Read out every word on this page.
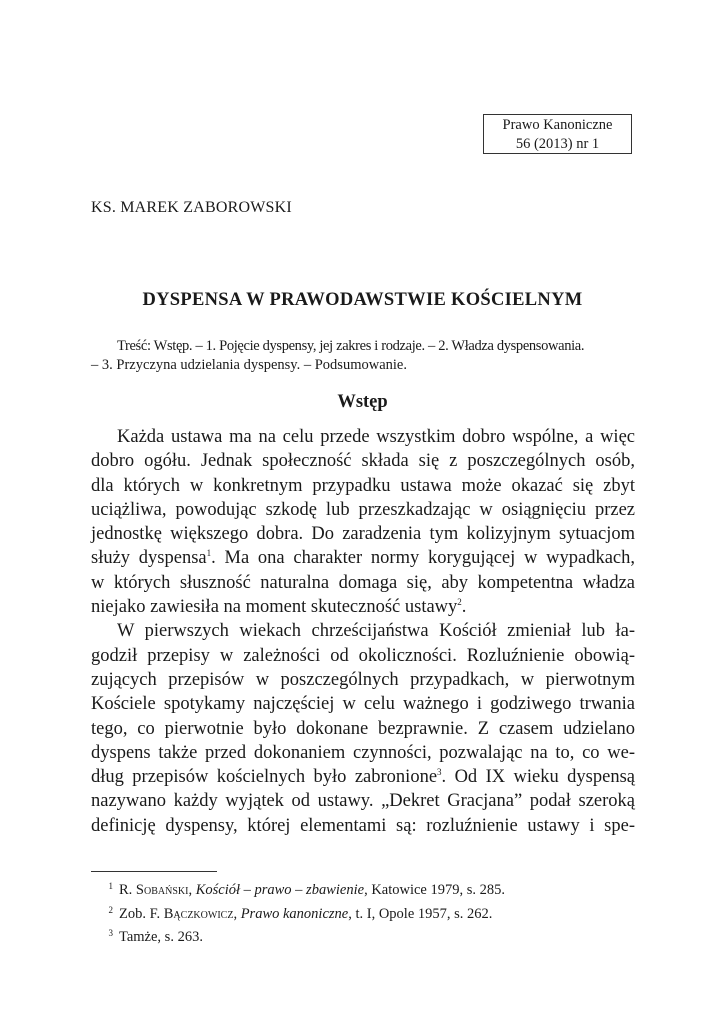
Prawo Kanoniczne
56 (2013) nr 1
KS. MAREK ZABOROWSKI
DYSPENSA W PRAWODAWSTWIE KOŚCIELNYM
Treść: Wstęp. – 1. Pojęcie dyspensy, jej zakres i rodzaje. – 2. Władza dyspensowania.
– 3. Przyczyna udzielania dyspensy. – Podsumowanie.
Wstęp
Każda ustawa ma na celu przede wszystkim dobro wspólne, a więc
dobro ogółu. Jednak społeczność składa się z poszczególnych osób,
dla których w konkretnym przypadku ustawa może okazać się zbyt
uciążliwa, powodując szkodę lub przeszkadzając w osiągnięciu przez
jednostkę większego dobra. Do zaradzenia tym kolizyjnym sytuacjom
służy dyspensa$^1$. Ma ona charakter normy korygującej w wypadkach,
w których słuszność naturalna domaga się, aby kompetentna władza
niejako zawiesiła na moment skuteczność ustawy$^2$.
W pierwszych wiekach chrześcijaństwa Kościół zmieniał lub ła-
godził przepisy w zależności od okoliczności. Rozluźnienie obowią-
zujących przepisów w poszczególnych przypadkach, w pierwotnym
Kościele spotykamy najczęściej w celu ważnego i godziwego trwania
tego, co pierwotnie było dokonane bezprawnie. Z czasem udzielano
dyspens także przed dokonaniem czynności, pozwalając na to, co we-
dług przepisów kościelnych było zabronione$^3$. Od IX wieku dyspensą
nazywano każdy wyjątek od ustawy. „Dekret Gracjana” podał szeroką
definicję dyspensy, której elementami są: rozluźnienie ustawy i spe-
1 R. Sobański, Kościół – prawo – zbawienie, Katowice 1979, s. 285.
2 Zob. F. Bączkowicz, Prawo kanoniczne, t. I, Opole 1957, s. 262.
3 Tamże, s. 263.
